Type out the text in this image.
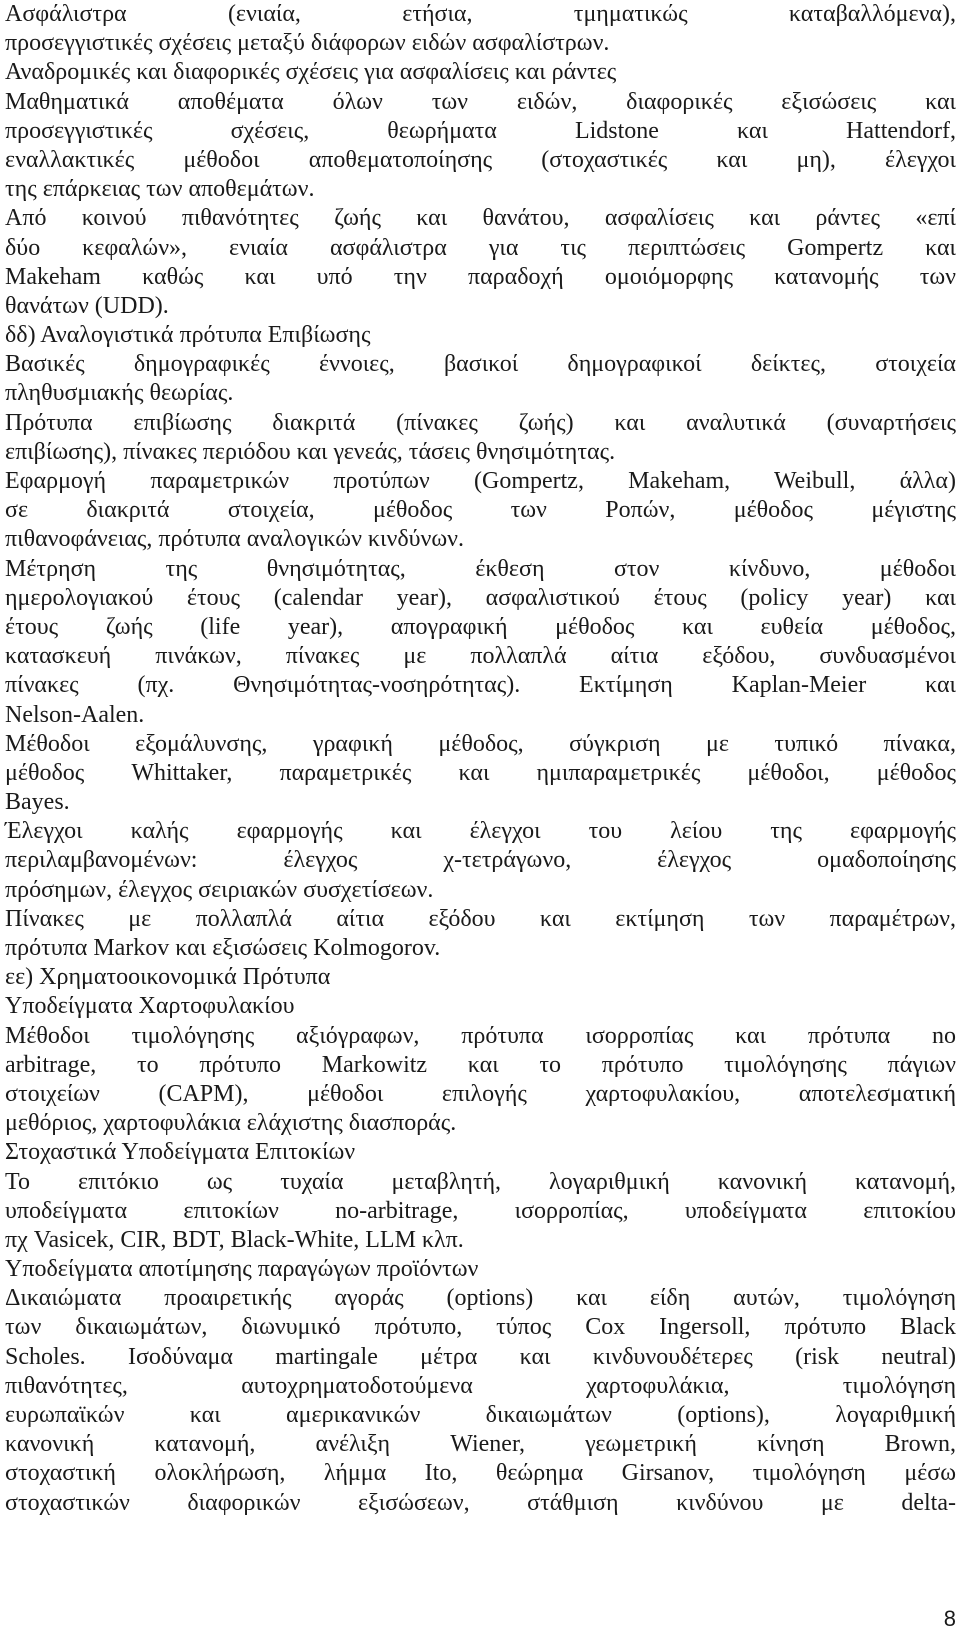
Ασφάλιστρα (ενιαία, ετήσια, τμηματικώς καταβαλλόμενα),
προσεγγιστικές σχέσεις μεταξύ διάφορων ειδών ασφαλίστρων.
Αναδρομικές και διαφορικές σχέσεις για ασφαλίσεις και ράντες
Μαθηματικά αποθέματα όλων των ειδών, διαφορικές εξισώσεις και
προσεγγιστικές σχέσεις, θεωρήματα Lidstone και Hattendorf,
εναλλακτικές μέθοδοι αποθεματοποίησης (στοχαστικές και μη), έλεγχοι
της επάρκειας των αποθεμάτων.
Από κοινού πιθανότητες ζωής και θανάτου, ασφαλίσεις και ράντες «επί
δύο κεφαλών», ενιαία ασφάλιστρα για τις περιπτώσεις Gompertz και
Makeham καθώς και υπό την παραδοχή ομοιόμορφης κατανομής των
θανάτων (UDD).
δδ) Αναλογιστικά πρότυπα Επιβίωσης
Βασικές δημογραφικές έννοιες, βασικοί δημογραφικοί δείκτες, στοιχεία
πληθυσμιακής θεωρίας.
Πρότυπα επιβίωσης διακριτά (πίνακες ζωής) και αναλυτικά (συναρτήσεις
επιβίωσης), πίνακες περιόδου και γενεάς, τάσεις θνησιμότητας.
Εφαρμογή παραμετρικών προτύπων (Gompertz, Makeham, Weibull, άλλα)
σε διακριτά στοιχεία, μέθοδος των Ροπών, μέθοδος μέγιστης
πιθανοφάνειας, πρότυπα αναλογικών κινδύνων.
Μέτρηση της θνησιμότητας, έκθεση στον κίνδυνο, μέθοδοι
ημερολογιακού έτους (calendar year), ασφαλιστικού έτους (policy year) και
έτους ζωής (life year), απογραφική μέθοδος και ευθεία μέθοδος,
κατασκευή πινάκων, πίνακες με πολλαπλά αίτια εξόδου, συνδυασμένοι
πίνακες (πχ. Θνησιμότητας-νοσηρότητας). Εκτίμηση Kaplan-Meier και
Nelson-Aalen.
Μέθοδοι εξομάλυνσης, γραφική μέθοδος, σύγκριση με τυπικό πίνακα,
μέθοδος Whittaker, παραμετρικές και ημιπαραμετρικές μέθοδοι, μέθοδος
Bayes.
Έλεγχοι καλής εφαρμογής και έλεγχοι του λείου της εφαρμογής
περιλαμβανομένων: έλεγχος χ-τετράγωνο, έλεγχος ομαδοποίησης
πρόσημων, έλεγχος σειριακών συσχετίσεων.
Πίνακες με πολλαπλά αίτια εξόδου και εκτίμηση των παραμέτρων,
πρότυπα Markov και εξισώσεις Kolmogorov.
εε) Χρηματοοικονομικά Πρότυπα
Υποδείγματα Χαρτοφυλακίου
Μέθοδοι τιμολόγησης αξιόγραφων, πρότυπα ισορροπίας και πρότυπα no
arbitrage, το πρότυπο Markowitz και το πρότυπο τιμολόγησης πάγιων
στοιχείων (CAPM), μέθοδοι επιλογής χαρτοφυλακίου, αποτελεσματική
μεθόριος, χαρτοφυλάκια ελάχιστης διασποράς.
Στοχαστικά Υποδείγματα Επιτοκίων
Το επιτόκιο ως τυχαία μεταβλητή, λογαριθμική κανονική κατανομή,
υποδείγματα επιτοκίων no-arbitrage, ισορροπίας, υποδείγματα επιτοκίου
πχ Vasicek, CIR, BDT, Black-White, LLM κλπ.
Υποδείγματα αποτίμησης παραγώγων προϊόντων
Δικαιώματα προαιρετικής αγοράς (options) και είδη αυτών, τιμολόγηση
των δικαιωμάτων, διωνυμικό πρότυπο, τύπος Cox Ingersoll, πρότυπο Black
Scholes. Ισοδύναμα martingale μέτρα και κινδυνουδέτερες (risk neutral)
πιθανότητες, αυτοχρηματοδοτούμενα χαρτοφυλάκια, τιμολόγηση
ευρωπαϊκών και αμερικανικών δικαιωμάτων (options), λογαριθμική
κανονική κατανομή, ανέλιξη Wiener, γεωμετρική κίνηση Brown,
στοχαστική ολοκλήρωση, λήμμα Ito, θεώρημα Girsanov, τιμολόγηση μέσω
στοχαστικών διαφορικών εξισώσεων, στάθμιση κινδύνου με delta-
8
